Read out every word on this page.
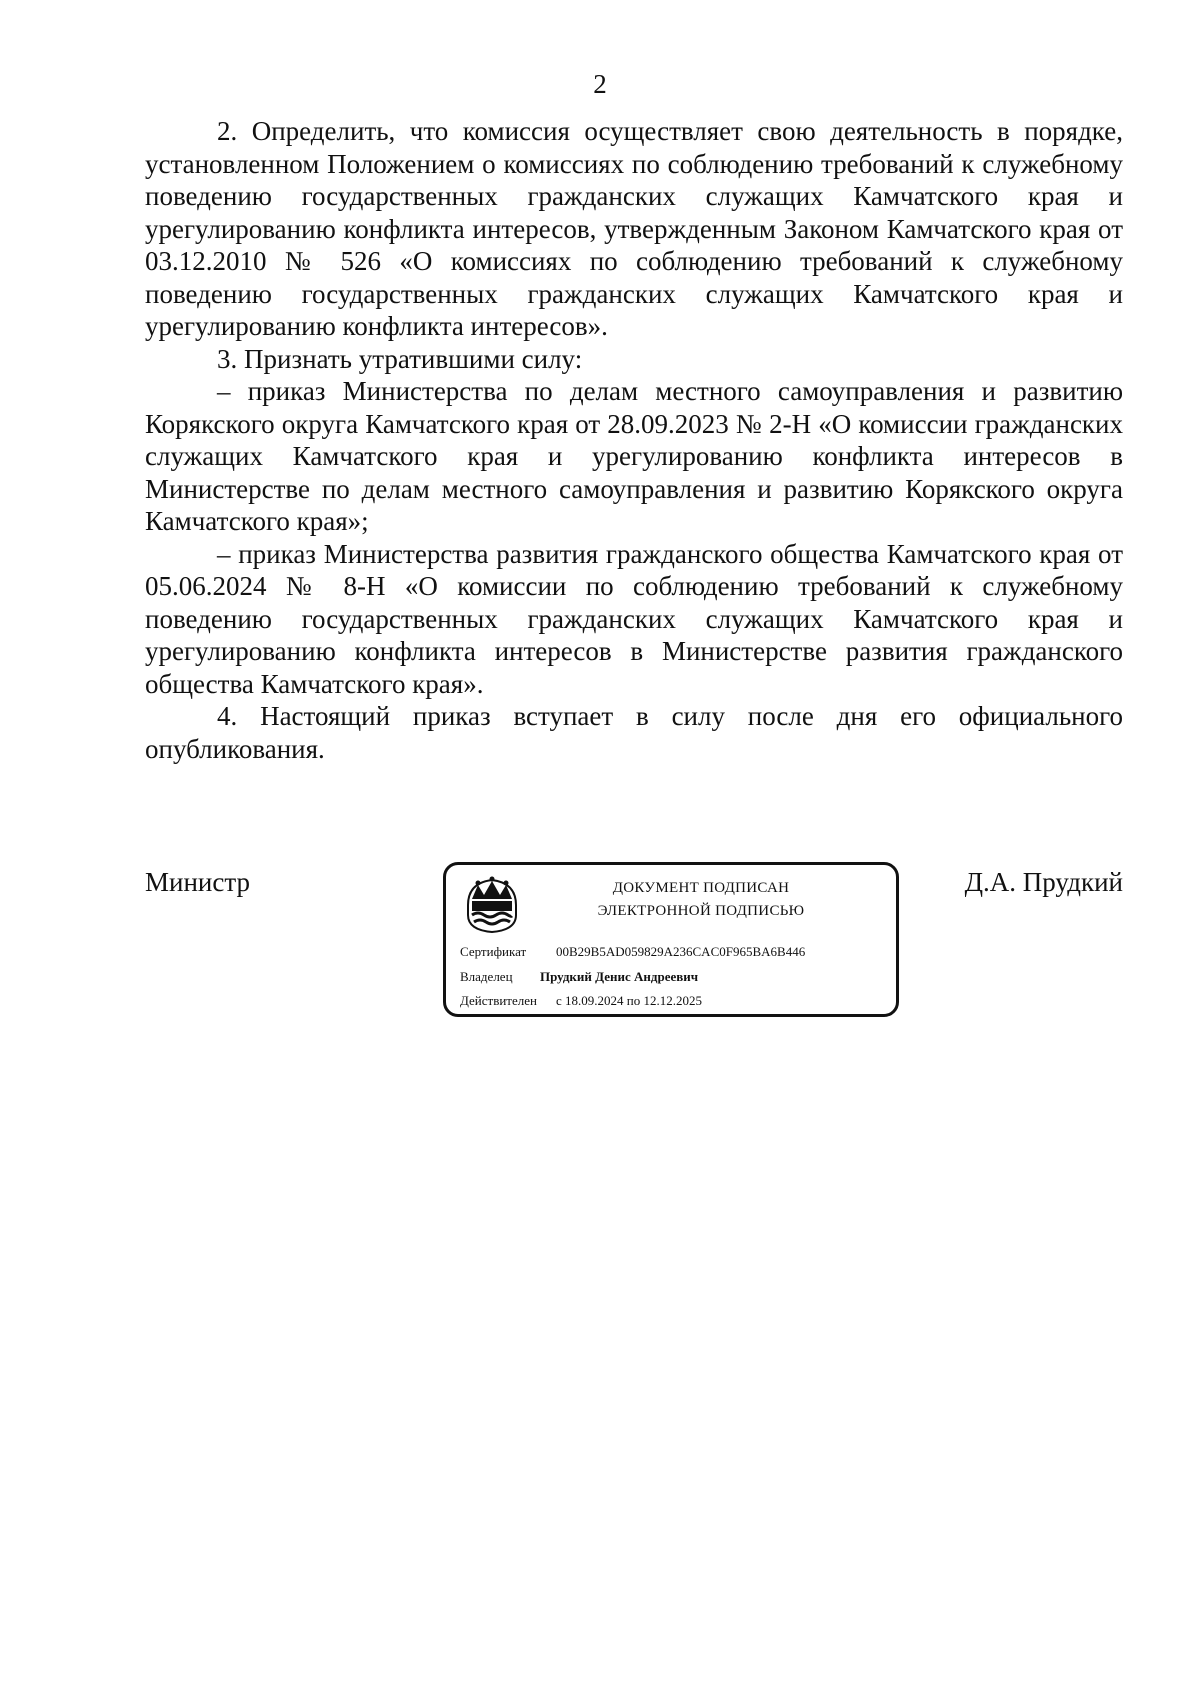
2

2. Определить, что комиссия осуществляет свою деятельность в порядке, установленном Положением о комиссиях по соблюдению требований к служебному поведению государственных гражданских служащих Камчатского края и урегулированию конфликта интересов, утвержденным Законом Камчатского края от 03.12.2010 № 526 «О комиссиях по соблюдению требований к служебному поведению государственных гражданских служащих Камчатского края и урегулированию конфликта интересов».

3. Признать утратившими силу:

– приказ Министерства по делам местного самоуправления и развитию Корякского округа Камчатского края от 28.09.2023 № 2-Н «О комиссии гражданских служащих Камчатского края и урегулированию конфликта интересов в Министерстве по делам местного самоуправления и развитию Корякского округа Камчатского края»;

– приказ Министерства развития гражданского общества Камчатского края от 05.06.2024 № 8-Н «О комиссии по соблюдению требований к служебному поведению государственных гражданских служащих Камчатского края и урегулированию конфликта интересов в Министерстве развития гражданского общества Камчатского края».

4. Настоящий приказ вступает в силу после дня его официального опубликования.

Министр	ДОКУМЕНТ ПОДПИСАН
ЭЛЕКТРОННОЙ ПОДПИСЬЮ
Сертификат 00B29B5AD059829A236CAC0F965BA6B446
Владелец Прудкий Денис Андреевич
Действителен с 18.09.2024 по 12.12.2025
Д.А. Прудкий
